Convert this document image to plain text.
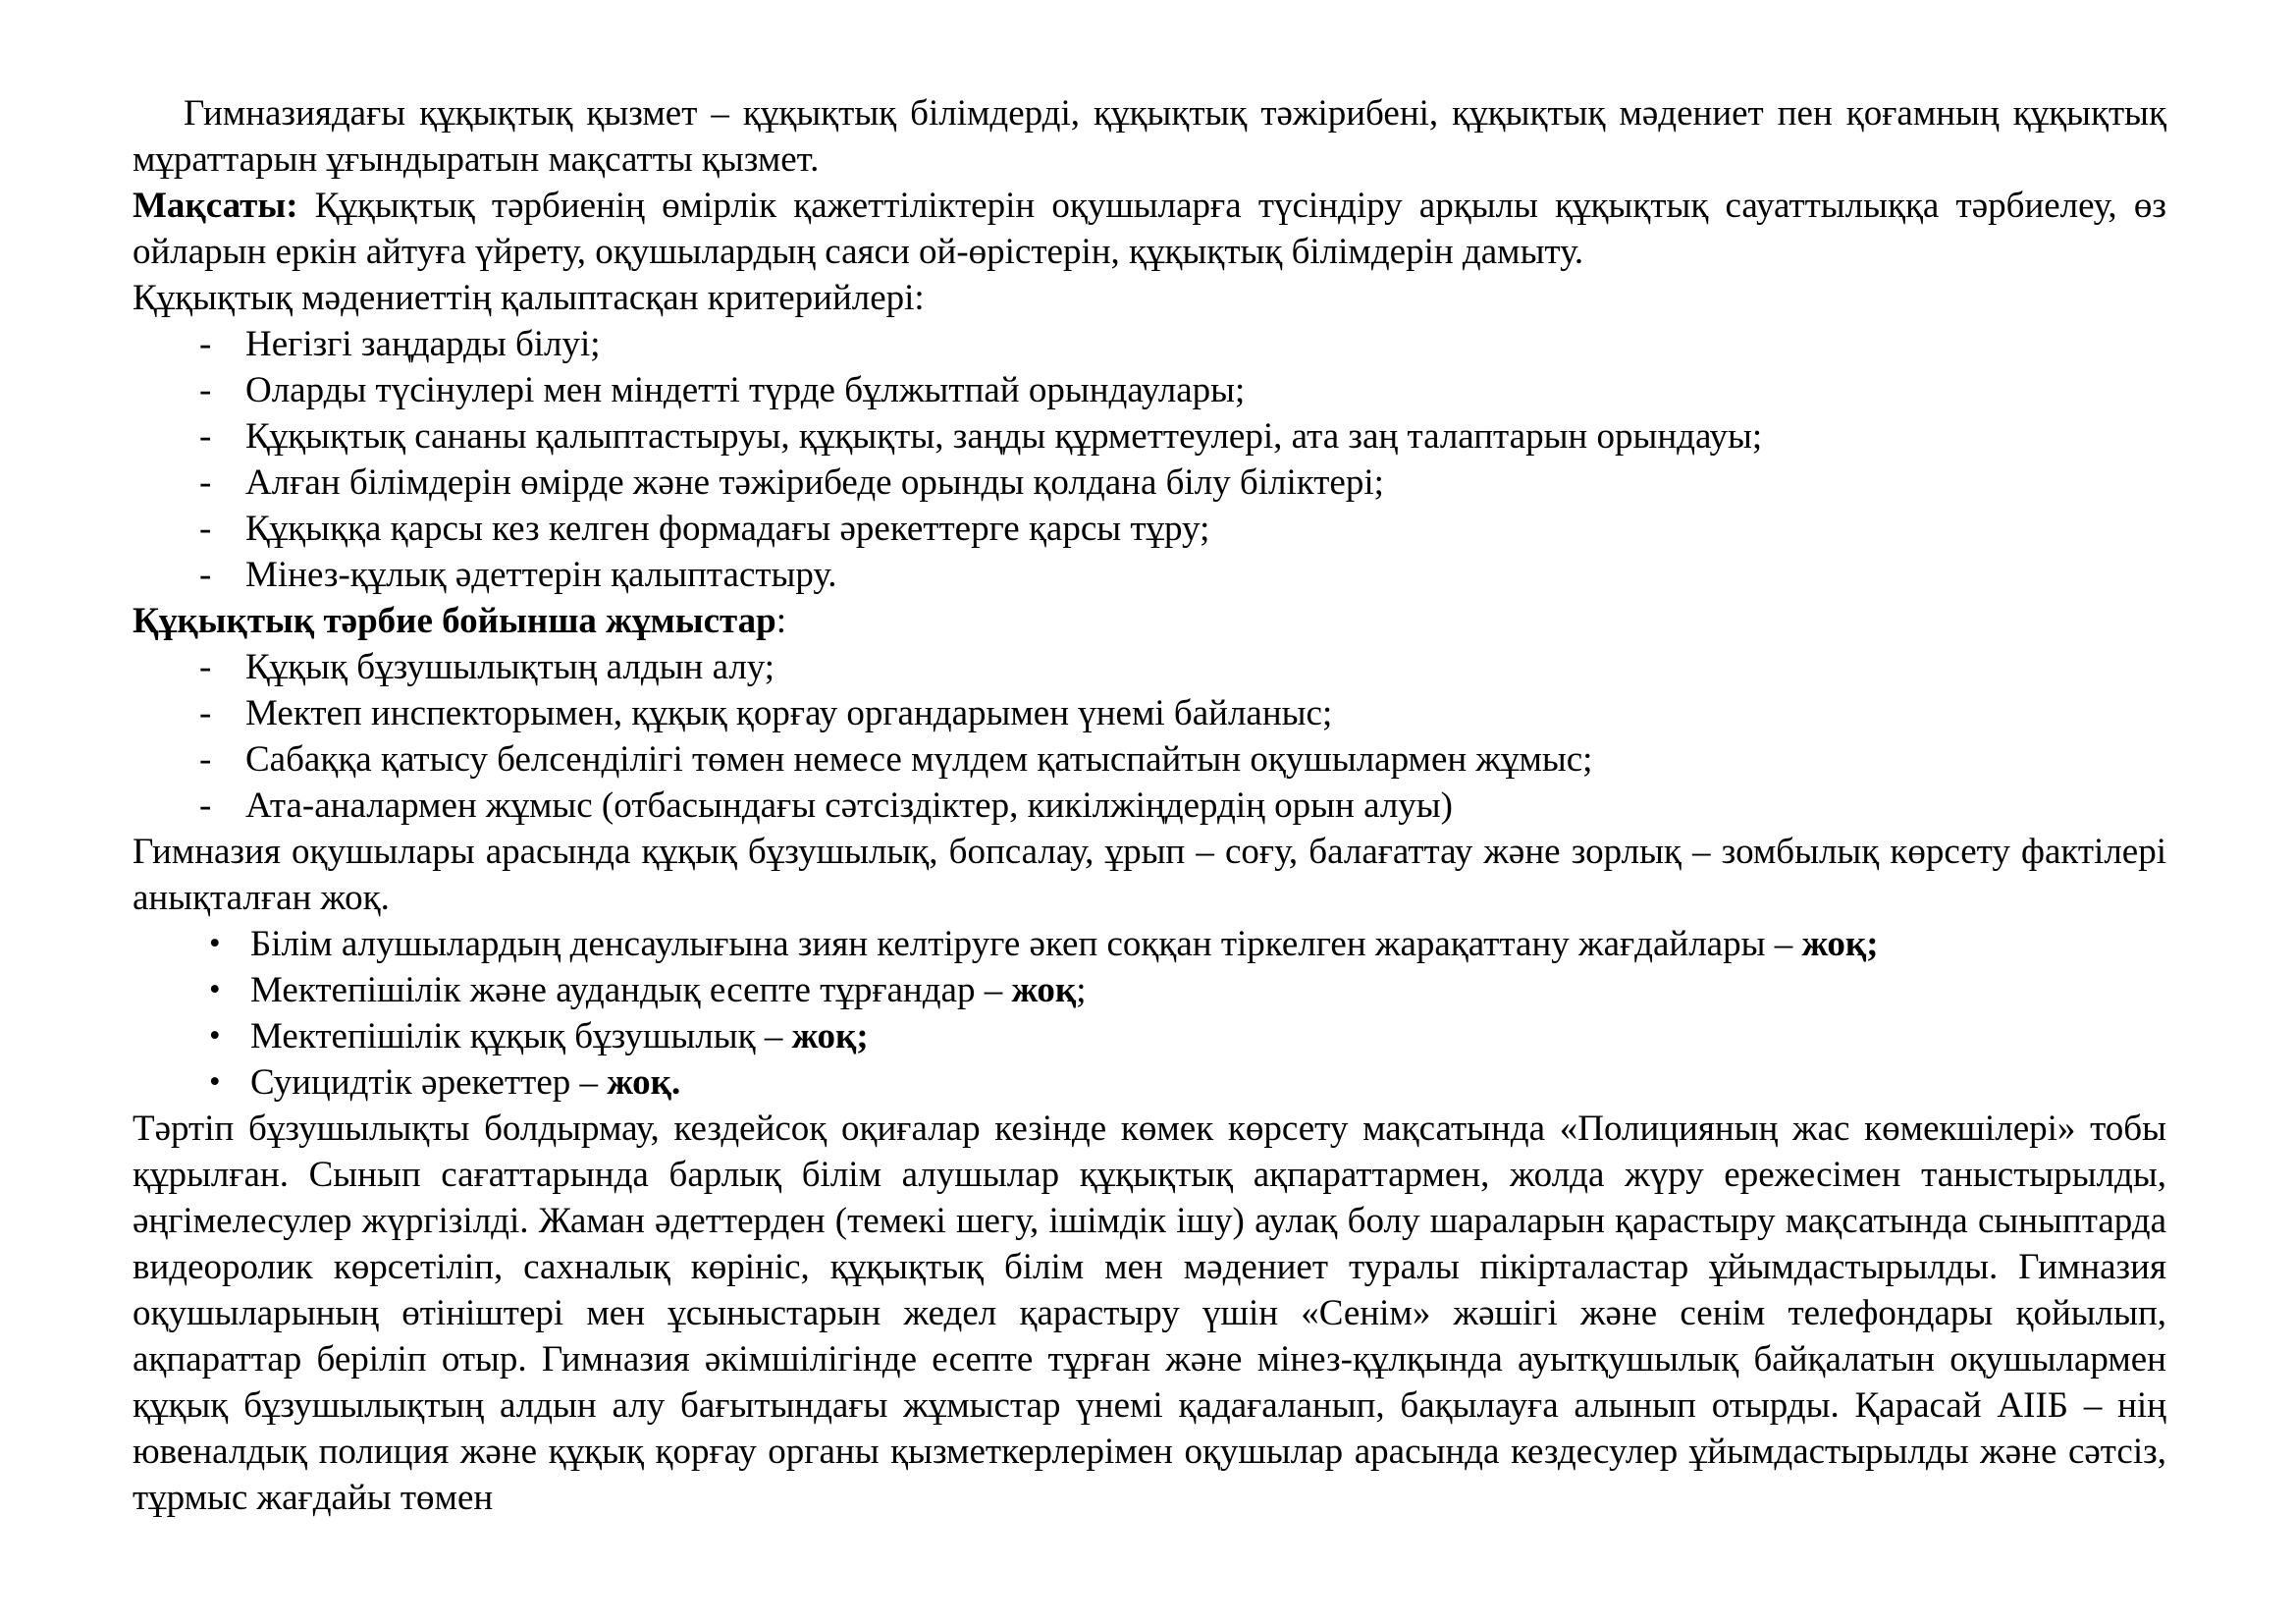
Гимназиядағы құқықтық қызмет – құқықтық білімдерді, құқықтық тәжірибені, құқықтық мәдениет пен қоғамның құқықтық мұраттарын ұғындыратын мақсатты қызмет.

Мақсаты: Құқықтық тәрбиенің өмірлік қажеттіліктерін оқушыларға түсіндіру арқылы құқықтық сауаттылыққа тәрбиелеу, өз ойларын еркін айтуға үйрету, оқушылардың саяси ой-өрістерін, құқықтық білімдерін дамыту.

Құқықтық мәдениеттің қалыптасқан критерийлері:

- Негізгі заңдарды білуі;
- Оларды түсінулері мен міндетті түрде бұлжытпай орындаулары;
- Құқықтық сананы қалыптастыруы, құқықты, заңды құрметтеулері, ата заң талаптарын орындауы;
- Алған білімдерін өмірде және тәжірибеде орынды қолдана білу біліктері;
- Құқыққа қарсы кез келген формадағы әрекеттерге қарсы тұру;
- Мінез-құлық әдеттерін қалыптастыру.

Құқықтық тәрбие бойынша жұмыстар:

- Құқық бұзушылықтың алдын алу;
- Мектеп инспекторымен, құқық қорғау органдарымен үнемі байланыс;
- Сабаққа қатысу белсенділігі төмен немесе мүлдем қатыспайтын оқушылармен жұмыс;
- Ата-аналармен жұмыс (отбасындағы сәтсіздіктер, кикілжіңдердің орын алуы)

Гимназия оқушылары арасында құқық бұзушылық, бопсалау, ұрып – соғу, балағаттау және зорлық – зомбылық көрсету фактілері анықталған жоқ.

• Білім алушылардың денсаулығына зиян келтіруге әкеп соққан тіркелген жарақаттану жағдайлары – жоқ;
• Мектепішілік және аудандық есепте тұрғандар – жоқ;
• Мектепішілік құқық бұзушылық – жоқ;
• Суицидтік әрекеттер – жоқ.

Тәртіп бұзушылықты болдырмау, кездейсоқ оқиғалар кезінде көмек көрсету мақсатында «Полицияның жас көмекшілері» тобы құрылған. Сынып сағаттарында барлық білім алушылар құқықтық ақпараттармен, жолда жүру ережесімен таныстырылды, әңгімелесулер жүргізілді. Жаман әдеттерден (темекі шегу, ішімдік ішу) аулақ болу шараларын қарастыру мақсатында сыныптарда видеоролик көрсетіліп, сахналық көрініс, құқықтық білім мен мәдениет туралы пікірталастар ұйымдастырылды. Гимназия оқушыларының өтініштері мен ұсыныстарын жедел қарастыру үшін «Сенім» жәшігі және сенім телефондары қойылып, ақпараттар беріліп отыр. Гимназия әкімшілігінде есепте тұрған және мінез-құлқында ауытқушылық байқалатын оқушылармен құқық бұзушылықтың алдын алу бағытындағы жұмыстар үнемі қадағаланып, бақылауға алынып отырды. Қарасай АІІБ – нің ювеналдық полиция және құқық қорғау органы қызметкерлерімен оқушылар арасында кездесулер ұйымдастырылды және сәтсіз, тұрмыс жағдайы төмен
